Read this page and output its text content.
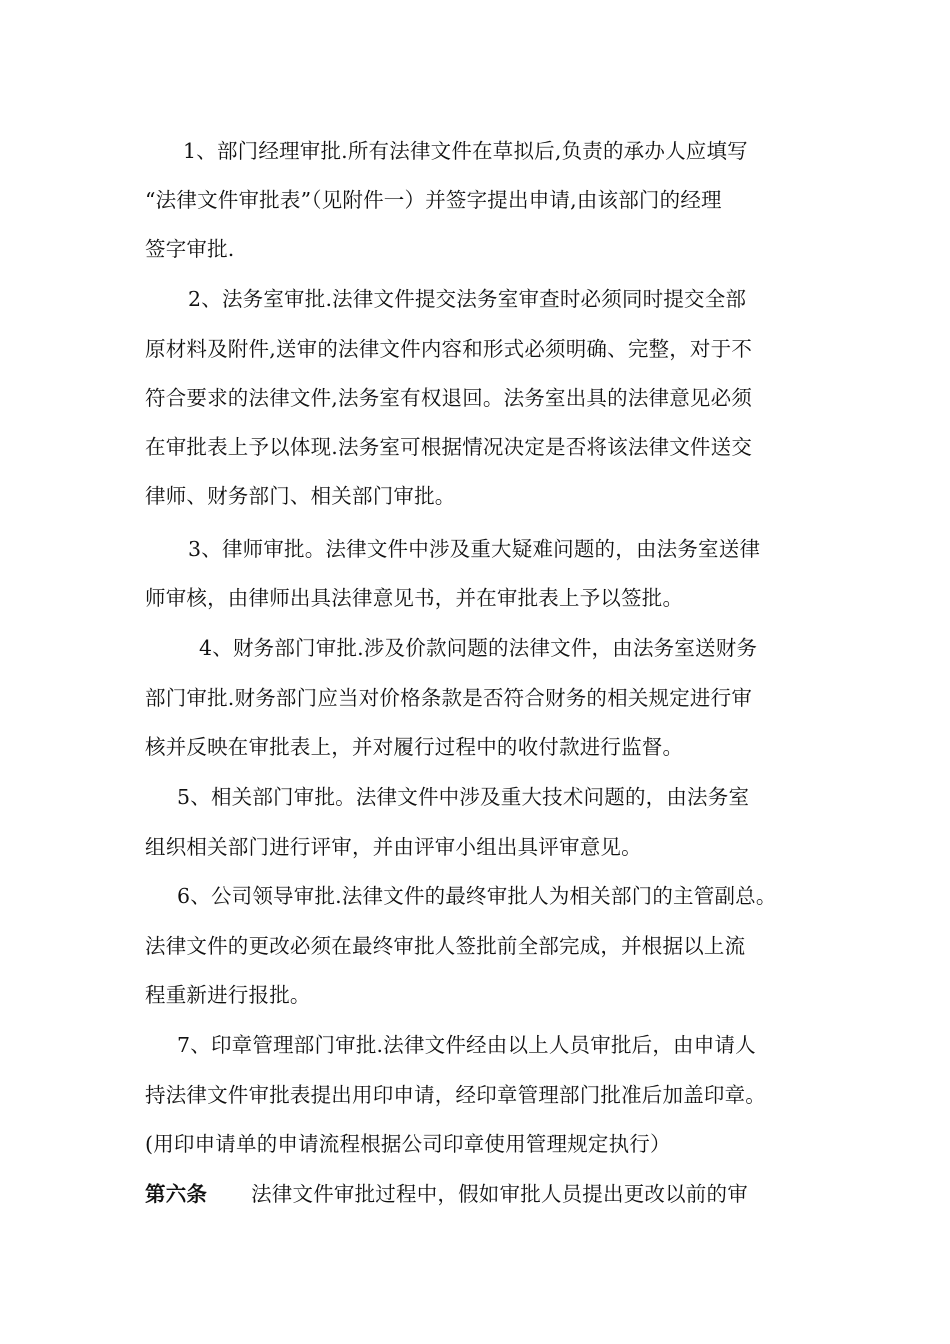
1、部门经理审批.所有法律文件在草拟后,负责的承办人应填写
“法律文件审批表”（见附件一）并签字提出申请,由该部门的经理
签字审批.
2、法务室审批.法律文件提交法务室审查时必须同时提交全部
原材料及附件,送审的法律文件内容和形式必须明确、完整，对于不
符合要求的法律文件,法务室有权退回。法务室出具的法律意见必须
在审批表上予以体现.法务室可根据情况决定是否将该法律文件送交
律师、财务部门、相关部门审批。
3、律师审批。法律文件中涉及重大疑难问题的，由法务室送律
师审核，由律师出具法律意见书，并在审批表上予以签批。
4、财务部门审批.涉及价款问题的法律文件，由法务室送财务
部门审批.财务部门应当对价格条款是否符合财务的相关规定进行审
核并反映在审批表上，并对履行过程中的收付款进行监督。
5、相关部门审批。法律文件中涉及重大技术问题的，由法务室
组织相关部门进行评审，并由评审小组出具评审意见。
6、公司领导审批.法律文件的最终审批人为相关部门的主管副总。
法律文件的更改必须在最终审批人签批前全部完成，并根据以上流
程重新进行报批。
7、印章管理部门审批.法律文件经由以上人员审批后，由申请人
持法律文件审批表提出用印申请，经印章管理部门批准后加盖印章。
(用印申请单的申请流程根据公司印章使用管理规定执行）
第六条 法律文件审批过程中，假如审批人员提出更改以前的审
